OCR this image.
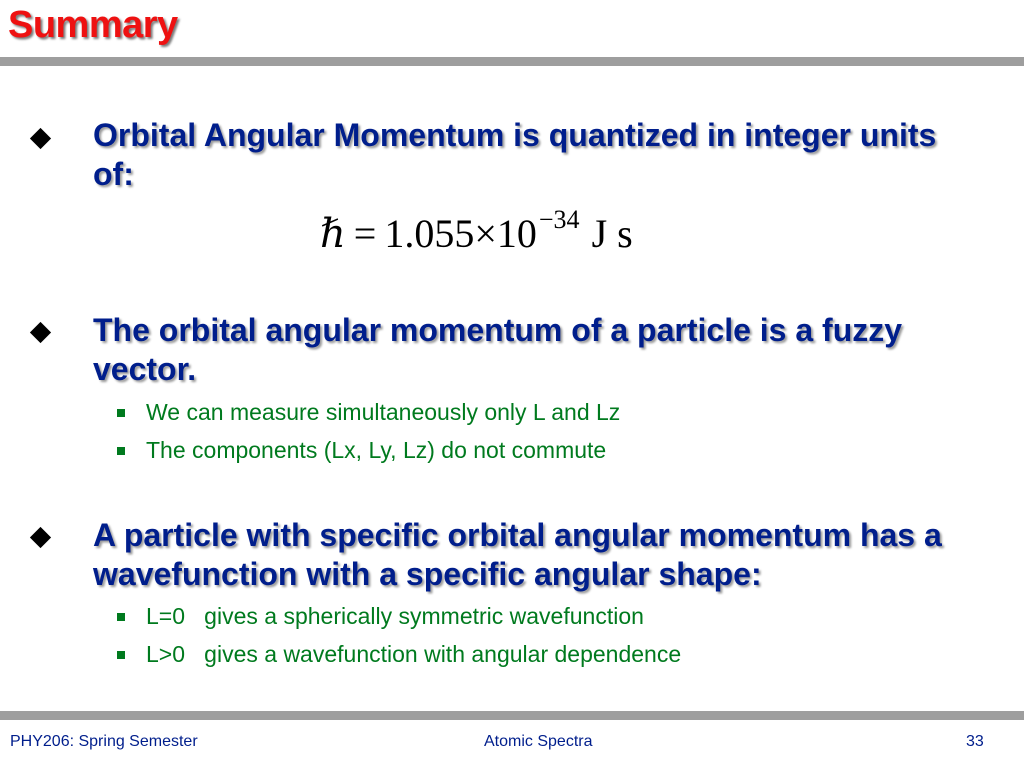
Summary
Orbital Angular Momentum is quantized in integer units of:
ℏ = $1.055\times 10^{-34}$ J s
The orbital angular momentum of a particle is a fuzzy vector.
We can measure simultaneously only L and Lz
The components (Lx, Ly, Lz) do not commute
A particle with specific orbital angular momentum has a wavefunction with a specific angular shape:
L=0   gives a spherically symmetric wavefunction
L>0   gives a wavefunction with angular dependence
PHY206: Spring Semester	Atomic Spectra	33
